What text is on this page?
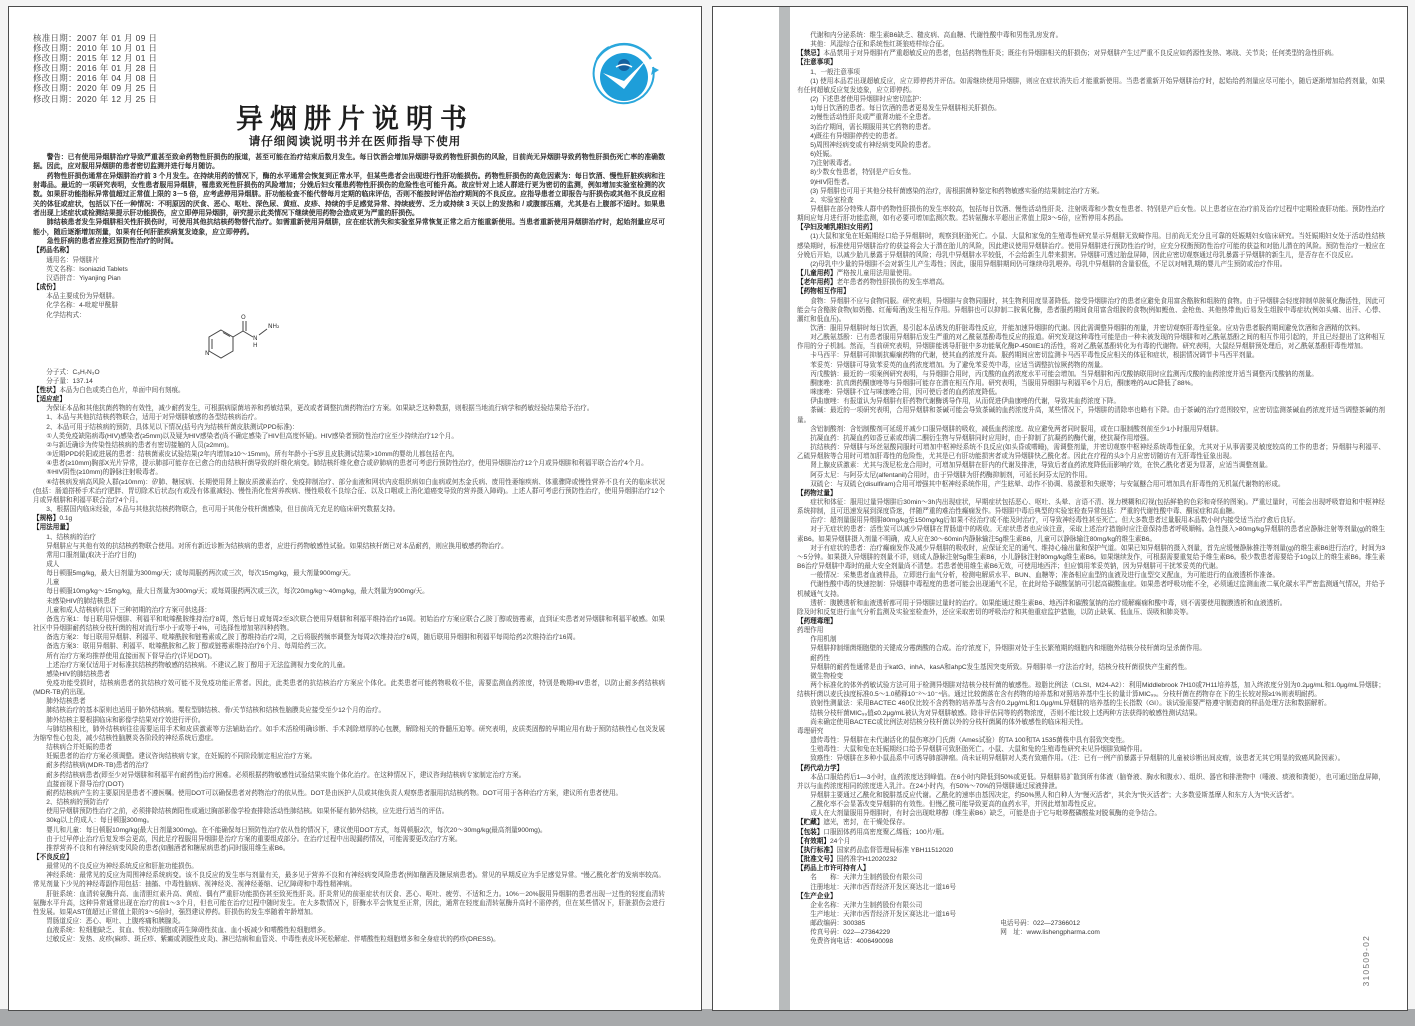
核准日期：2007 年 01 月 09 日
修改日期：2010 年 10 月 01 日
修改日期：2015 年 12 月 01 日
修改日期：2016 年 01 月 28 日
修改日期：2016 年 04 月 08 日
修改日期：2020 年 09 月 25 日
修改日期：2020 年 12 月 25 日
异烟肼片说明书
请仔细阅读说明书并在医师指导下使用
警告：已有使用异烟肼治疗导致严重甚至致命药物性肝损伤的报道，甚至可能在治疗结束后数月发生。每日饮酒会增加异烟肼导致药物性肝损伤的风险，目前尚无异烟肼导致药物性肝损伤死亡率的准确数据。因此，应对服用异烟肼的患者密切监测并进行每月随访。
药物性肝损伤通常在异烟肼治疗前 3 个月发生。在持续用药的情况下，酶的水平通常会恢复到正常水平，但某些患者会出现进行性肝功能损伤。药物性肝损伤的高危因素为：每日饮酒、慢性肝脏疾病和注射毒品。最近的一项研究表明，女性患者服用异烟肼，罹患致死性肝损伤的风险增加；分娩后妇女罹患药物性肝损伤的危险性也可能升高。故应针对上述人群进行更为密切的监测，例如增加实验室检测的次数。如果肝功能指标异常值超过正常值上限的 3－5 倍，应考虑停用异烟肼。肝功能检查不能代替每月定期的临床评估，否则不能按时评估治疗期间的不良反应。应指导患者立即报告与肝损伤或其他不良反应相关的体征或症状，包括以下任一种情况：不明原因的厌食、恶心、呕吐、深色尿、黄疸、皮疹、持续的手足感觉异常、持续疲劳、乏力或持续 3 天以上的发热和 / 或腹部压痛，尤其是右上腹部不适时。如果患者出现上述症状或检测结果提示肝功能损伤，应立即停用异烟肼，研究提示此类情况下继续使用药物会造成更为严重的肝损伤。
肺结核患者发生异烟肼相关性肝损伤时，可使用其他抗结核药物替代治疗。如需重新使用异烟肼，应在症状消失和实验室异常恢复正常之后方能重新使用。当患者重新使用异烟肼治疗时，起始剂量应尽可能小，随后逐渐增加剂量，如果有任何肝脏疾病复发迹象，应立即停药。
急性肝病的患者应推迟预防性治疗的时间。
【药品名称】
通用名：异烟肼片
英文名称：Isoniazid Tablets
汉语拼音：Yiyanjing Pian
【成份】
本品主要成份为异烟肼。
化学名称：4-吡啶甲酰肼
化学结构式：
N
O
N
H
NH₂
分子式：C₆H₇N₃O
分子量：137.14
【性状】本品为白色或类白色片，单面中间有刻痕。
【适应症】
为保证本品和其他抗菌药物的有效性，减少耐药发生，可根据病原菌培养和药敏结果，更改或者调整抗菌药物治疗方案。如果缺乏这种数据，则根据当地流行病学和药敏经验结果给予治疗。
1、本品与其他抗结核药物联合，适用于对异烟肼敏感的各型结核病治疗。
2、本品可用于结核病的预防，具体见以下情况(括号内为结核杆菌皮肤测试PPD标准)：
①人类免疫缺陷病毒(HIV)感染者(≥5mm)以及疑为HIV感染者(尚不确定感染了HIV但高度怀疑)。HIV感染者预防性治疗应至少持续治疗12个月。
②与新近确诊为传染性结核病的患者有密切接触的人员(≥2mm)。
③近期PPD转阳或进展的患者：结核菌素皮试验结果(2年内增加≥10～15mm)。所有年龄小于5岁且皮肤测试结果>10mm的婴幼儿都包括在内。
④患者(≥10mm)胸部X光片异常，提示肺部可能存在已愈合的由结核杆菌导致的纤维化病变。肺结核纤维化愈合或矽肺病的患者可考虑行预防性治疗，使用异烟肼治疗12个月或异烟肼和利福平联合治疗4个月。
⑤HIV阴性(≥10mm)的静脉注射吸毒者。
⑥结核病发病高风险人群(≥10mm)：矽肺、糖尿病、长期使用肾上腺皮质激素治疗、免疫抑制治疗、部分血液和网状内皮组织病如白血病或何杰金氏病、废用性萎缩疾病、体重骤降或慢性营养不良有关的临床状况(包括：肠道搭桥手术治疗肥胖、胃切除术后状态(有或没有体重减轻)、慢性消化性营养疾病、慢性吸收不良综合征、以及口咽或上消化道癌变导致的营养摄入障碍)。上述人群可考虑行预防性治疗，使用异烟肼治疗12个月或异烟肼和利福平联合治疗4个月。
3、根据国内临床经验，本品与其他抗结核药物联合，也可用于其他分枝杆菌感染，但目前尚无充足的临床研究数据支持。
【规格】0.1g
【用法用量】
1、结核病的治疗
异烟肼应与其他有效的抗结核药物联合使用。对所有新近诊断为结核病的患者，应进行药物敏感性试验。如果结核杆菌已对本品耐药，则应换用敏感药物治疗。
常用口服剂量(取决于治疗目的)
成人
每日顿服5mg/kg，最大日剂量为300mg/天；或每周服药两次或三次，每次15mg/kg，最大剂量900mg/天。
儿童
每日顿服10mg/kg～15mg/kg，最大日剂量为300mg/天；或每周服药两次或三次，每次20mg/kg～40mg/kg，最大剂量为900mg/天。
未感染HIV的肺结核患者
儿童和成人结核病有以下三种初期的治疗方案可供选择：
备选方案1：每日联用异烟肼、利福平和吡嗪酰胺维持治疗8周，然后每日或每周2至3次联合使用异烟肼和利福平维持治疗16周。初始治疗方案应联合乙胺丁醇或链霉素，直到证实患者对异烟肼和利福平敏感。如果社区中异烟肼耐药结核分枝杆菌的相对流行率小于或等于4%，可选择性增加第四种药物。
备选方案2：每日联用异烟肼、利福平、吡嗪酰胺和链霉素或乙胺丁醇维持治疗2周，之后将服药频率调整为每周2次维持治疗6周，随后联用异烟肼和利福平每周给药2次维持治疗16周。
备选方案3：联用异烟肼、利福平、吡嗪酰胺和乙胺丁醇或链霉素维持治疗6个月、每周给药三次。
所有治疗方案均推荐使用直接面视下督导治疗(详见DOT)。
上述治疗方案仅适用于对标准抗结核药物敏感的结核病。不建议乙胺丁醇用于无法监测视力变化的儿童。
感染HIV的肺结核患者
免疫功能受损时，结核病患者的抗结核疗效可能不及免疫功能正常者。因此，此类患者的抗结核治疗方案应个体化。此类患者可能药物吸收不佳，需要监测血药浓度，特别是晚期HIV患者，以防止耐多药结核病(MDR-TB)的出现。
肺外结核患者
肺结核治疗的基本原则也适用于肺外结核病。粟粒型肺结核、骨/关节结核和结核性脑膜炎应接受至少12个月的治疗。
肺外结核主要根据临床和影像学结果对疗效进行评价。
与肺结核相比，肺外结核病往往需要运用手术和皮质激素等方法辅助治疗。如手术活检明确诊断、手术剥除增厚的心包膜，解除相关的脊髓压迫等。研究表明，皮质类固醇的早期应用有助于预防结核性心包炎发展为缩窄性心包炎，减少结核性脑膜炎各阶段的神经系统后遗症。
结核病合并妊娠的患者
妊娠患者的治疗方案必须调整。建议咨询结核病专家，在妊娠的不同阶段制定相应治疗方案。
耐多药结核病(MDR-TB)患者的治疗
耐多药结核病患者(即至少对异烟肼和利福平有耐药性)治疗困难。必须根据药物敏感性试验结果实施个体化治疗。在这种情况下，建议咨询结核病专家制定治疗方案。
直接面视下督导治疗(DOT)
耐药结核病产生的主要原因是患者不遵医嘱。使用DOT可以确保患者对药物治疗的依从性。DOT是由医护人员或其他负责人观察患者服用抗结核药物。DOT可用于各种治疗方案，建议所有患者使用。
2、结核病的预防治疗
使用异烟肼预防性治疗之前，必须排除结核菌阳性或通过胸部影像学检查排除活动性肺结核。如果怀疑有肺外结核，应先进行适当的评估。
30kg以上的成人：每日顿服300mg。
婴儿和儿童：每日顿服10mg/kg(最大日剂量300mg)。在不能确保每日预防性治疗依从性的情况下，建议使用DOT方式，每周顿服2次，每次20～30mg/kg(最高剂量900mg)。
由于过早停止治疗后复发率会更高，因此足疗程服用异烟肼是治疗方案的重要组成部分。在治疗过程中出现漏药情况，可能需要更改治疗方案。
推荐营养不良和有神经病变风险的患者(如酗酒者和糖尿病患者)同时服用维生素B6。
【不良反应】
最常见的不良反应为神经系统反应和肝脏功能损伤。
神经系统：最常见的反应为周围神经系统病变。该不良反应的发生率与剂量有关，最多见于营养不良和有神经病变风险患者(例如酗酒及糖尿病患者)。常见的早期反应为手足感觉异常。“慢乙酰化者”的发病率较高。常见剂量下少见的神经毒副作用包括：抽搐、中毒性脑病、视神经炎、视神经萎缩、记忆障碍和中毒性精神病。
肝脏系统：血清转氨酶升高、血清胆红素升高、黄疸、偶有严重肝功能损伤甚至致死性肝炎。肝炎常见的前驱症状有厌食、恶心、呕吐、疲劳、不适和乏力。10%－20%服用异烟肼的患者出现一过性的轻度血清转氨酶水平升高，这种异常通常出现在治疗的前1～3个月，但也可能在治疗过程中随时发生。在大多数情况下，肝酶水平会恢复至正常，因此，通常在轻度血清转氨酶升高时不需停药，但在某些情况下，肝脏损伤会进行性发展。如果AST值超过正常值上限的3～5倍时，强烈建议停药。肝损伤的发生率随着年龄增加。
胃肠道反应：恶心、呕吐、上腹疼痛和胰腺炎。
血液系统：粒细胞缺乏、贫血、铁粒幼细胞或再生障碍性贫血、血小板减少和嗜酸性粒细胞增多。
过敏反应：发热、皮疹(麻疹、斑丘疹、紫癜或剥脱性皮炎)、淋巴结病和血管炎、中毒性表皮坏死松解症、伴嗜酸性粒细胞增多和全身症状的药疹(DRESS)。
代谢和内分泌系统：维生素B6缺乏、糙皮病、高血糖、代谢性酸中毒和男性乳房发育。
其他：风湿综合征和系统性红斑狼疮样综合征。
【禁忌】本品禁用于对异烟肼有严重超敏反应的患者，包括药物性肝炎；既往有异烟肼相关的肝损伤；对异烟肼产生过严重不良反应如药源性发热、寒战、关节炎；任何类型的急性肝病。
【注意事项】
1、一般注意事项
(1) 使用本品若出现超敏反应，应立即停药并评估。如需继续使用异烟肼，则应在症状消失后才能重新使用。当患者重新开始异烟肼治疗时，起始给药剂量应尽可能小，随后逐渐增加给药剂量，如果有任何超敏反应复发迹象，应立即停药。
(2) 下述患者使用异烟肼时应密切监护：
1)每日饮酒的患者。每日饮酒的患者更易发生异烟肼相关肝损伤。
2)慢性活动性肝炎或严重肾功能不全患者。
3)治疗期间，需长期服用其它药物的患者。
4)既往有异烟肼停药史的患者。
5)周围神经病变或有神经病变风险的患者。
6)妊娠。
7)注射吸毒者。
8)少数女性患者，特别是产后女性。
9)HIV阳性者。
(3) 异烟肼也可用于其他分枝杆菌感染的治疗，需根据菌种鉴定和药物敏感实验的结果制定治疗方案。
2、实验室检查
异烟肼在部分特殊人群中药物性肝损伤的发生率较高，包括每日饮酒、慢性活动性肝炎、注射吸毒和少数女性患者、特别是产后女性。以上患者应在治疗前及治疗过程中定期检查肝功能。预防性治疗期间应每月进行肝功能监测，如有必要可增加监测次数。若转氨酶水平超出正常值上限3～5倍，应暂停用本药品。
【孕妇及哺乳期妇女用药】
(1)大鼠和家兔在妊娠期经口给予异烟肼时，观察到胚胎死亡。小鼠、大鼠和家兔的生殖毒性研究显示异烟肼无致畸作用。目前尚无充分且可靠的妊娠期妇女临床研究。当妊娠期妇女处于活动性结核感染期时，标准使用异烟肼治疗的获益将会大于潜在胎儿的风险，因此建议使用异烟肼治疗。使用异烟肼进行预防性治疗时，应充分权衡预防性治疗可能的获益和对胎儿潜在的风险。预防性治疗一般应在分娩后开始，以减少胎儿暴露于异烟肼的风险；母乳中异烟肼水平较低，不会给新生儿带来损害。异烟肼可透过胎盘屏障，因此应密切观察通过母乳暴露于异烟肼的新生儿，是否存在不良反应。
(2)母乳中少量的异烟肼不会对新生儿产生毒性；因此，服用异烟肼期间仍可继续母乳喂养。母乳中异烟肼的含量很低，不足以对哺乳期的婴儿产生预防或治疗作用。
【儿童用药】严格按儿童用法用量使用。
【老年用药】老年患者药物性肝损伤的发生率增高。
【药物相互作用】
食物：异烟肼不应与食物同服。研究表明，异烟肼与食物同服时，其生物利用度显著降低。接受异烟肼治疗的患者应避免食用富含酪胺和组胺的食物。由于异烟肼会轻度抑制单胺氧化酶活性，因此可能会与含酪胺食物(如奶酪、红葡萄酒)发生相互作用。异烟肼也可以抑制二胺氧化酶，患者服药期间食用富含组胺的食物(例如鲣鱼、金枪鱼、其他热带鱼)后易发生组胺中毒症状(例如头痛、出汗、心悸、潮红和低血压)。
饮酒：服用异烟肼时每日饮酒，易引起本品诱发的肝脏毒性反应，并能加速异烟肼的代谢。因此需调整异烟肼的剂量，并密切观察肝毒性征象。应劝告患者服药期间避免饮酒和含酒精的饮料。
对乙酰氨基酚：已有患者服用异烟肼后发生严重的对乙酰氨基酚毒性反应的报道。研究发现这种毒性可能是由一种未被发现的异烟肼和对乙酰氨基酚之间的相互作用引起的，并且已经提出了这种相互作用的分子机制。然而，当前研究表明，异烟肼能诱导肝脏中多功能氧化酶P-450IIE1的活性，将对乙酰氨基酚转化为有毒的代谢物。研究表明，大鼠经异烟肼预处理后，对乙酰氨基酚肝毒性增加。
卡马西平：异烟肼可抑制抗癫痫药物的代谢，使其血药浓度升高。服药期间应密切监测卡马西平毒性反应相关的体征和症状，根据情况调节卡马西平剂量。
苯妥英：异烟肼可导致苯妥英的血药浓度增加。为了避免苯妥英中毒，应适当调整抗惊厥药物的剂量。
丙戊酸钠：最近的一项案例研究表明，与异烟肼合用时，丙戊酸的血药浓度水平可能会增加。当异烟肼和丙戊酸钠联用时应监测丙戊酸的血药浓度并适当调整丙戊酸钠的剂量。
酮康唑：抗真菌药酮康唑等与异烟肼可能存在潜在相互作用。研究表明，当服用异烟肼与利福平6个月后，酮康唑的AUC降低了88%。
咪康唑：异烟肼不宜与咪康唑合用，因可使后者的血药浓度降低。
伊曲康唑：有报道认为异烟肼有肝药物代谢酶诱导作用，从而促进伊曲康唑的代谢，导致其血药浓度下降。
茶碱：最近的一项研究表明，合用异烟肼和茶碱可能会导致茶碱的血药浓度升高，某些情况下，异烟肼的清除率也略有下降。由于茶碱的治疗范围较窄，应密切监测茶碱血药浓度并适当调整茶碱的剂量。
含铝制酸剂：含铝制酸剂可延缓并减少口服异烟肼的吸收，减低血药浓度。故应避免两者同时服用，或在口服制酸剂前至少1小时服用异烟肼。
抗凝血药：抗凝血药如香豆素或茚满二酮衍生物与异烟肼同时应用时，由于抑制了抗凝药的酶代谢，使抗凝作用增强。
抗结核药：异烟肼与环丝氨酸同服时可增加中枢神经系统不良反应(如头昏或嗜睡)，需调整剂量，并密切观察中枢神经系统毒性征象，尤其对于从事需要灵敏度较高的工作的患者；异烟肼与利福平、乙硫异烟胺等合用时可增加肝毒性的危险性，尤其是已有肝功能损害者或为异烟肼快乙酰化者。因此在疗程的头3个月应密切随访有无肝毒性征象出现。
肾上腺皮质激素：尤其与泼尼松龙合用时，可增加异烟肼在肝内的代谢及排泄，导致后者血药浓度降低而影响疗效，在快乙酰化者更为显著，应适当调整剂量。
阿芬太尼：与阿芬太尼(alfentanil)合用时，由于异烟肼为肝药酶抑制剂，可延长阿芬太尼的作用。
双硫仑：与双硫仑(disulfiram)合用可增强其中枢神经系统作用，产生眩晕、动作不协调、易激惹和失眠等；与安氟醚合用可增加具有肝毒性的无机氟代谢物的形成。
【药物过量】
症状和体征：服用过量异烟肼后30min～3h内出现症状，早期症状包括恶心、呕吐、头晕、言语不清、视力模糊和幻视(包括鲜艳的色彩和奇怪的图案)。严重过量时，可能会出现呼吸窘迫和中枢神经系统抑制，且可迅速发展到深度昏迷，伴随严重的难治性癫痫发作。异烟肼中毒后典型的实验室检查异常包括：严重的代谢性酸中毒、酮尿症和高血糖。
治疗：超剂量服用异烟肼80mg/kg至150mg/kg后如果不经治疗或不能及时治疗，可导致神经毒性甚至死亡。但大多数患者过量服用本品数小时内接受适当治疗愈后良好。
对于无症状的患者：活性炭可以减少异烟肼在胃肠道中的吸收。无症状患者也应该注意，采取上述治疗措施时应注意保持患者呼吸顺畅。急性摄入>80mg/kg异烟肼的患者应静脉注射等剂量(g)的维生素B6。如果异烟肼摄入剂量不明确，成人应在30～60min内静脉输注5g维生素B6，儿童可以静脉输注80mg/kg的维生素B6。
对于有症状的患者：治疗癫痫发作及减少异烟肼的吸收时，应保证充足的通气、维持心输出量和保护气道。如果已知异烟肼的摄入剂量，首先应缓慢静脉推注等剂量(g)的维生素B6进行治疗，时间为3～5分钟。如果摄入异烟肼的剂量不详，则成人静脉注射5g维生素B6，小儿静脉注射80mg/kg维生素B6。如果继续发作，可根据需要重复给予维生素B6。极少数患者需要给予10g以上的维生素B6。维生素B6治疗异烟肼中毒时的最大安全剂量尚不清楚。若患者使用维生素B6无效，可使用地西泮；但应慎用苯妥英钠，因为异烟肼可干扰苯妥英的代谢。
一般情况：采集患者血液样品，立即进行血气分析，检测电解质水平、BUN、血糖等；准备相应血型的血液及进行血型交叉配血，为可能进行的血液透析作准备。
代谢性酸中毒的快速控制：异烟肼中毒程度的患者可能会出现通气不足，在此时给予碳酸氢钠可引起高碳酸血症。如果患者呼吸功能不全，必须通过监测血液二氧化碳水平严密监测通气情况，并给予机械通气支持。
透析：腹膜透析和血液透析都可用于异烟肼过量时的治疗。如果能通过维生素B6、地西泮和碳酸氢钠的治疗缓解癫痫和酸中毒，则不需要使用腹膜透析和血液透析。
除及时和反复进行血气分析监测及实验室检查外，还应采取密切的呼吸治疗和其他重症监护措施，以防止缺氧、低血压、误吸和肺炎等。
【药理毒理】
药理作用
作用机制
异烟肼抑制细菌细胞壁的关键成分霉菌酸的合成。治疗浓度下，异烟肼对处于生长繁殖期的细胞内和细胞外结核分枝杆菌均呈杀菌作用。
耐药性
异烟肼的耐药性通常是由于katG、inhA、kasA和ahpC发生基因突变所致。异烟肼单一疗法治疗时，结核分枝杆菌很快产生耐药性。
微生物检变
两个标准化的体外药敏试验方法可用于检测异烟肼对结核分枝杆菌的敏感性。琼脂比例法（CLSI、M24-A2）：利用Middlebrook 7H10或7H11培养基，加入终浓度分别为0.2μg/mL和1.0μg/mL异烟肼；结核杆菌以麦氏浊度标准0.5～1.0稀释10⁻²～10⁻⁴倍。通过比较菌落在含有药物的培养基和对照培养基中生长的量计算MIC₉₉。分枝杆菌在药物存在下的生长较对照≥1%则表明耐药。
放射性测量法：采用BACTEC 460仪比较不含药物的培养基与含有0.2μg/mL和1.0μg/mL异烟肼的培养基的生长指数（GI）。该试验需要严格遵守制造商的样品处理方法和数据解析。
结核分枝杆菌MIC₉₉值≤0.2μg/mL被认为对异烟肼敏感。除非评估同等的药物浓度，否则不能比较上述两种方法获得的敏感性测试结果。
尚未确定使用BACTEC或比例法对结核分枝杆菌以外的分枝杆菌属的体外敏感性的临床相关性。
毒理研究
遗传毒性：异烟肼在未代谢活化的鼠伤寒沙门氏菌（Ames试验）的TA 100和TA 1535菌株中具有弱致突变性。
生殖毒性：大鼠和兔在妊娠期经口给予异烟肼可致胚胎死亡。小鼠、大鼠和兔的生殖毒性研究未见异烟肼致畸作用。
致癌性：异烟肼在多种小鼠品系中可诱导肺部肿瘤。尚未证明异烟肼对人类有致癌作用。（注：已有一例产前暴露于异烟肼的儿童被诊断出间皮瘤，该患者无其它明显的致癌风险因素）。
【药代动力学】
本品口服给药后1—3小时，血药浓度达到峰值。在6小时内降低到50%或更低。异烟肼易扩散到所有体液（脑脊液、胸水和腹水）、组织、器官和排泄物中（唾液、痰液和粪便），也可通过胎盘屏障，并以与血药浓度相同的浓度进入乳汁。在24小时内，有50%～70%的异烟肼通过尿液排泄。
异烟肼主要通过乙酰化和脱肼基反应代谢。乙酰化的速率由基因决定，约50%黑人和白种人为“慢灭活者”，其余为“快灭活者”；大多数爱斯基摩人和东方人为“快灭活者”。
乙酰化率不会显著改变异烟肼的有效性。但慢乙酰可能导致更高的血药水平，并因此增加毒性反应。
成人在大剂量服用异烟肼时，有时会出现吡哆醇（维生素B6）缺乏，可能是由于它与吡哆醛磷酸盐对脱氧酶的竞争结合。
【贮藏】遮光，密封，在干燥处保存。
【包装】口服固体药用高密度聚乙烯瓶；100片/瓶。
【有效期】24个月
【执行标准】国家药品监督管理局标准 YBH11512020
【批准文号】国药准字H12020232
【药品上市许可持有人】
名　　称：天津力生制药股份有限公司
注册地址：天津市西青经济开发区赛达北一道16号
【生产企业】
企业名称：天津力生制药股份有限公司
生产地址：天津市西青经济开发区赛达北一道16号
邮政编码：300385	电话号码：022—27366012
传真号码：022—27364229	网　址：www.lishengpharma.com
免费咨询电话：4006490098	310509-02
